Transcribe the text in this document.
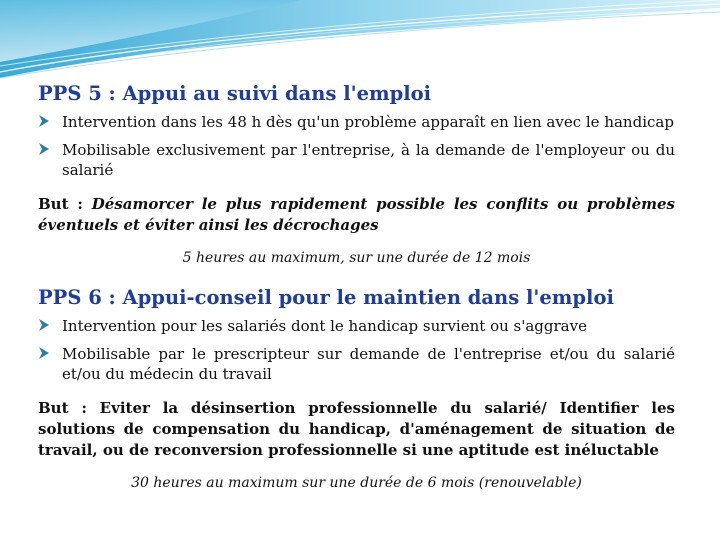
PPS 5 : Appui au suivi dans l'emploi
Intervention dans les 48 h dès qu'un problème apparaît en lien avec le handicap
Mobilisable exclusivement par l'entreprise, à la demande de l'employeur ou du salarié

But : Désamorcer le plus rapidement possible les conflits ou problèmes éventuels et éviter ainsi les décrochages

5 heures au maximum, sur une durée de 12 mois

PPS 6 : Appui-conseil pour le maintien dans l'emploi
Intervention pour les salariés dont le handicap survient ou s'aggrave
Mobilisable par le prescripteur sur demande de l'entreprise et/ou du salarié et/ou du médecin du travail

But : Eviter la désinsertion professionnelle du salarié/ Identifier les solutions de compensation du handicap, d'aménagement de situation de travail, ou de reconversion professionnelle si une aptitude est inéluctable

30 heures au maximum sur une durée de 6 mois (renouvelable)
